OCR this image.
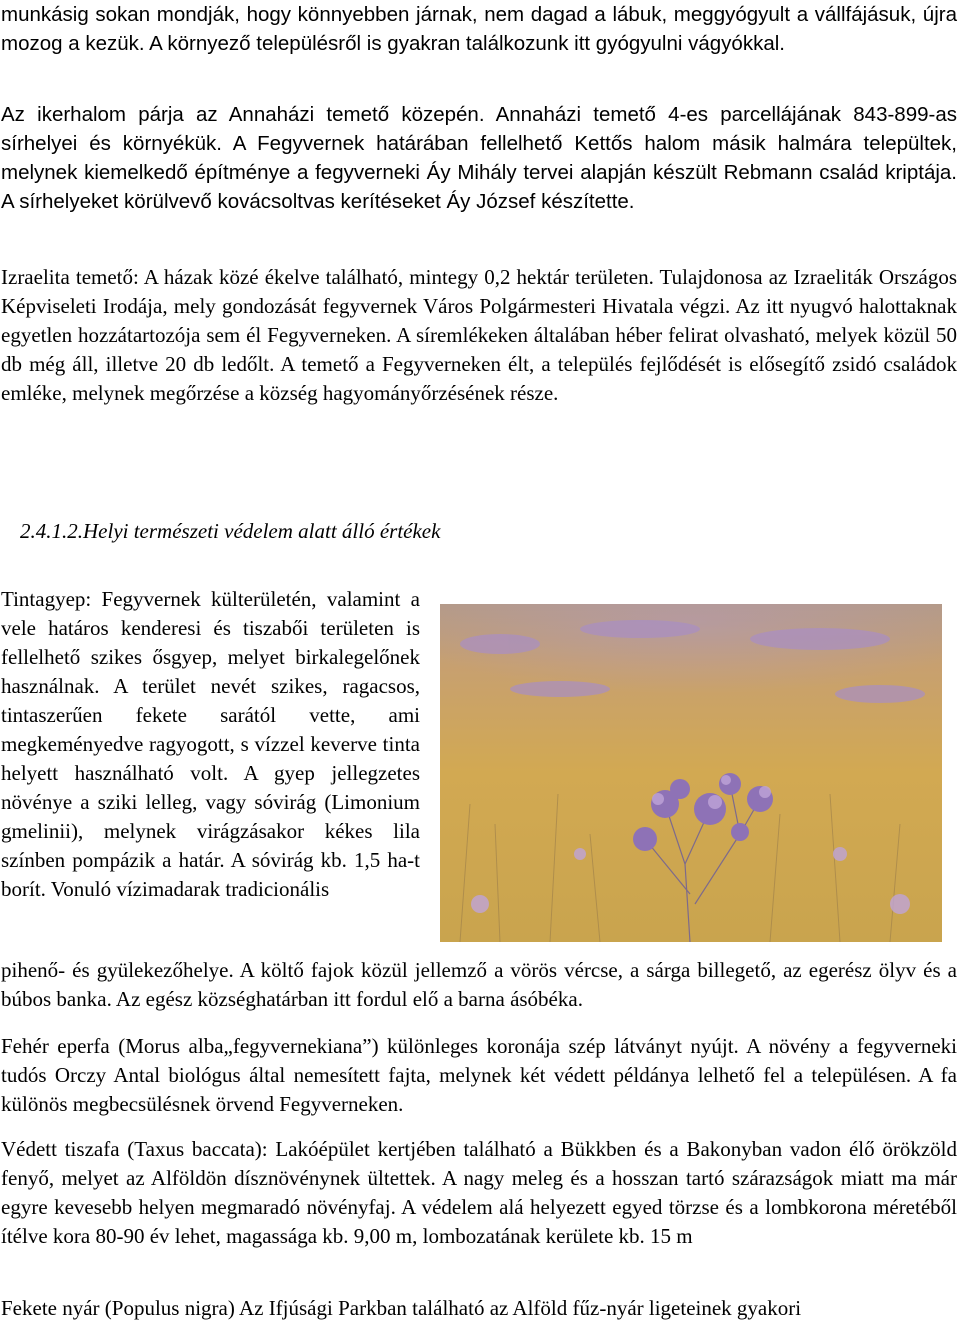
munkásig sokan mondják, hogy könnyebben járnak, nem dagad a lábuk, meggyógyult a vállfájásuk, újra mozog a kezük. A környező településről is gyakran találkozunk itt gyógyulni vágyókkal.

Az ikerhalom párja az Annaházi temető közepén. Annaházi temető 4-es parcellájának 843-899-as sírhelyei és környékük. A Fegyvernek határában fellelhető Kettős halom másik halmára települtek, melynek kiemelkedő építménye a fegyverneki Áy Mihály tervei alapján készült Rebmann család kriptája. A sírhelyeket körülvevő kovácsoltvas kerítéseket Áy József készítette.

Izraelita temető: A házak közé ékelve található, mintegy 0,2 hektár területen. Tulajdonosa az Izraeliták Országos Képviseleti Irodája, mely gondozását fegyvernek Város Polgármesteri Hivatala végzi. Az itt nyugvó halottaknak egyetlen hozzátartozója sem él Fegyverneken. A síremlékeken általában héber felirat olvasható, melyek közül 50 db még áll, illetve 20 db ledőlt. A temető a Fegyverneken élt, a település fejlődését is elősegítő zsidó családok emléke, melynek megőrzése a község hagyományőrzésének része.

2.4.1.2.Helyi természeti védelem alatt álló értékek

Tintagyep: Fegyvernek külterületén, valamint a vele határos kenderesi és tiszabői területen is fellelhető szikes ősgyep, melyet birkalegelőnek használnak. A terület nevét szikes, ragacsos, tintaszerűen fekete sarától vette, ami megkeményedve ragyogott, s vízzel keverve tinta helyett használható volt. A gyep jellegzetes növénye a sziki lelleg, vagy sóvirág (Limonium gmelinii), melynek virágzásakor kékes lila színben pompázik a határ. A sóvirág kb. 1,5 ha-t borít. Vonuló vízimadarak tradicionális

pihenő- és gyülekezőhelye. A költő fajok közül jellemző a vörös vércse, a sárga billegető, az egerész ölyv és a búbos banka. Az egész községhatárban itt fordul elő a barna ásóbéka.

Fehér eperfa (Morus alba„fegyvernekiana”) különleges koronája szép látványt nyújt. A növény a fegyverneki tudós Orczy Antal biológus által nemesített fajta, melynek két védett példánya lelhető fel a településen. A fa különös megbecsülésnek örvend Fegyverneken.

Védett tiszafa (Taxus baccata): Lakóépület kertjében található a Bükkben és a Bakonyban vadon élő örökzöld fenyő, melyet az Alföldön dísznövénynek ültettek. A nagy meleg és a hosszan tartó szárazságok miatt ma már egyre kevesebb helyen megmaradó növényfaj. A védelem alá helyezett egyed törzse és a lombkorona méretéből ítélve kora 80-90 év lehet, magassága kb. 9,00 m, lombozatának kerülete kb. 15 m

Fekete nyár (Populus nigra) Az Ifjúsági Parkban található az Alföld fűz-nyár ligeteinek gyakori
